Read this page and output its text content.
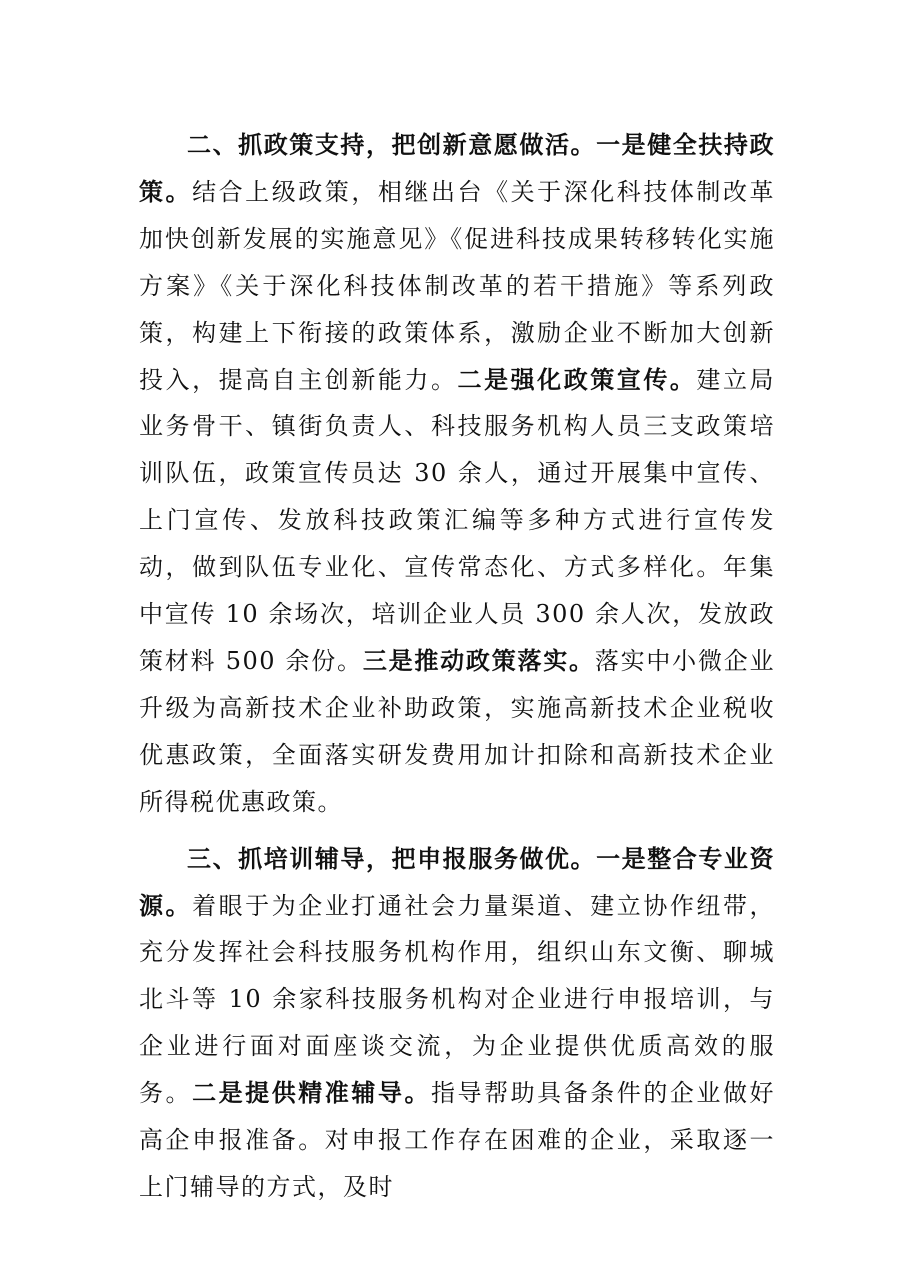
二、抓政策支持，把创新意愿做活。一是健全扶持政策。结合上级政策，相继出台《关于深化科技体制改革加快创新发展的实施意见》《促进科技成果转移转化实施方案》《关于深化科技体制改革的若干措施》等系列政策，构建上下衔接的政策体系，激励企业不断加大创新投入，提高自主创新能力。二是强化政策宣传。建立局业务骨干、镇街负责人、科技服务机构人员三支政策培训队伍，政策宣传员达 30 余人，通过开展集中宣传、上门宣传、发放科技政策汇编等多种方式进行宣传发动，做到队伍专业化、宣传常态化、方式多样化。年集中宣传 10 余场次，培训企业人员 300 余人次，发放政策材料 500 余份。三是推动政策落实。落实中小微企业升级为高新技术企业补助政策，实施高新技术企业税收优惠政策，全面落实研发费用加计扣除和高新技术企业所得税优惠政策。

三、抓培训辅导，把申报服务做优。一是整合专业资源。着眼于为企业打通社会力量渠道、建立协作纽带，充分发挥社会科技服务机构作用，组织山东文衡、聊城北斗等 10 余家科技服务机构对企业进行申报培训，与企业进行面对面座谈交流，为企业提供优质高效的服务。二是提供精准辅导。指导帮助具备条件的企业做好高企申报准备。对申报工作存在困难的企业，采取逐一上门辅导的方式，及时
